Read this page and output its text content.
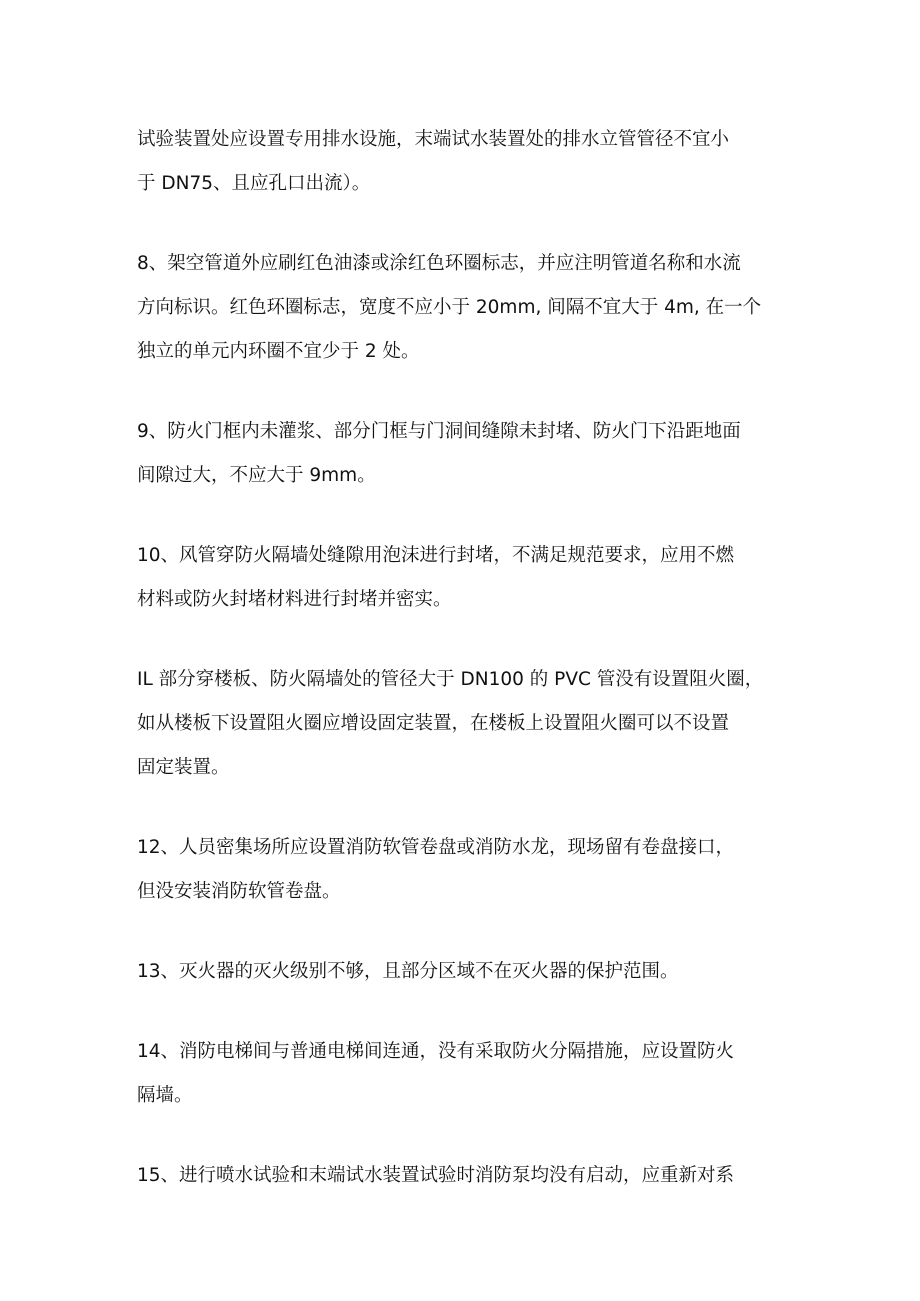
试验装置处应设置专用排水设施，末端试水装置处的排水立管管径不宜小
于 DN75、且应孔口出流）。

8、架空管道外应刷红色油漆或涂红色环圈标志，并应注明管道名称和水流
方向标识。红色环圈标志，宽度不应小于 20mm, 间隔不宜大于 4m, 在一个
独立的单元内环圈不宜少于 2 处。

9、防火门框内未灌浆、部分门框与门洞间缝隙未封堵、防火门下沿距地面
间隙过大，不应大于 9mm。

10、风管穿防火隔墙处缝隙用泡沫进行封堵，不满足规范要求，应用不燃
材料或防火封堵材料进行封堵并密实。

IL 部分穿楼板、防火隔墙处的管径大于 DN100 的 PVC 管没有设置阻火圈，
如从楼板下设置阻火圈应增设固定装置，在楼板上设置阻火圈可以不设置
固定装置。

12、人员密集场所应设置消防软管卷盘或消防水龙，现场留有卷盘接口，
但没安装消防软管卷盘。

13、灭火器的灭火级别不够，且部分区域不在灭火器的保护范围。

14、消防电梯间与普通电梯间连通，没有采取防火分隔措施，应设置防火
隔墙。

15、进行喷水试验和末端试水装置试验时消防泵均没有启动，应重新对系
